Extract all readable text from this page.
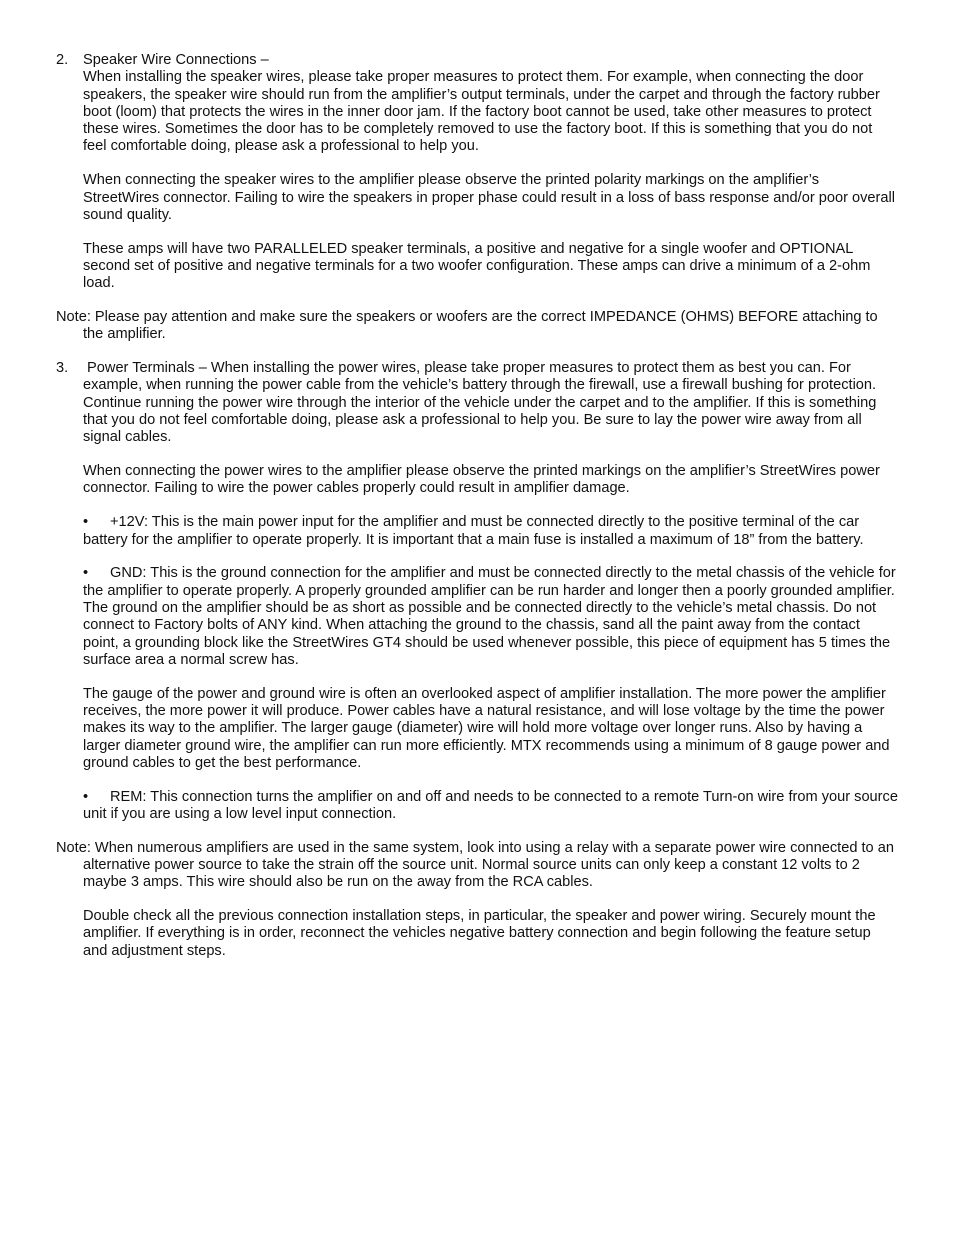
2. Speaker Wire Connections –

When installing the speaker wires, please take proper measures to protect them. For example, when connecting the door speakers, the speaker wire should run from the amplifier’s output terminals, under the carpet and through the factory rubber boot (loom) that protects the wires in the inner door jam. If the factory boot cannot be used, take other measures to protect these wires. Sometimes the door has to be completely removed to use the factory boot. If this is something that you do not feel comfortable doing, please ask a professional to help you.

When connecting the speaker wires to the amplifier please observe the printed polarity markings on the amplifier’s StreetWires connector. Failing to wire the speakers in proper phase could result in a loss of bass response and/or poor overall sound quality.

These amps will have two PARALLELED speaker terminals, a positive and negative for a single woofer and OPTIONAL second set of positive and negative terminals for a two woofer configuration. These amps can drive a minimum of a 2-ohm load.

Note: Please pay attention and make sure the speakers or woofers are the correct IMPEDANCE (OHMS) BEFORE attaching to the amplifier.

3. Power Terminals – When installing the power wires, please take proper measures to protect them as best you can. For example, when running the power cable from the vehicle’s battery through the firewall, use a firewall bushing for protection. Continue running the power wire through the interior of the vehicle under the carpet and to the amplifier. If this is something that you do not feel comfortable doing, please ask a professional to help you. Be sure to lay the power wire away from all signal cables.

When connecting the power wires to the amplifier please observe the printed markings on the amplifier’s StreetWires power connector. Failing to wire the power cables properly could result in amplifier damage.

• +12V: This is the main power input for the amplifier and must be connected directly to the positive terminal of the car battery for the amplifier to operate properly. It is important that a main fuse is installed a maximum of 18” from the battery.
• GND: This is the ground connection for the amplifier and must be connected directly to the metal chassis of the vehicle for the amplifier to operate properly. A properly grounded amplifier can be run harder and longer then a poorly grounded amplifier. The ground on the amplifier should be as short as possible and be connected directly to the vehicle’s metal chassis. Do not connect to Factory bolts of ANY kind. When attaching the ground to the chassis, sand all the paint away from the contact point, a grounding block like the StreetWires GT4 should be used whenever possible, this piece of equipment has 5 times the surface area a normal screw has.

The gauge of the power and ground wire is often an overlooked aspect of amplifier installation. The more power the amplifier receives, the more power it will produce. Power cables have a natural resistance, and will lose voltage by the time the power makes its way to the amplifier. The larger gauge (diameter) wire will hold more voltage over longer runs. Also by having a larger diameter ground wire, the amplifier can run more efficiently. MTX recommends using a minimum of 8 gauge power and ground cables to get the best performance.

• REM: This connection turns the amplifier on and off and needs to be connected to a remote Turn-on wire from your source unit if you are using a low level input connection.

Note: When numerous amplifiers are used in the same system, look into using a relay with a separate power wire connected to an alternative power source to take the strain off the source unit. Normal source units can only keep a constant 12 volts to 2 maybe 3 amps. This wire should also be run on the away from the RCA cables.

Double check all the previous connection installation steps, in particular, the speaker and power wiring. Securely mount the amplifier. If everything is in order, reconnect the vehicles negative battery connection and begin following the feature setup and adjustment steps.
